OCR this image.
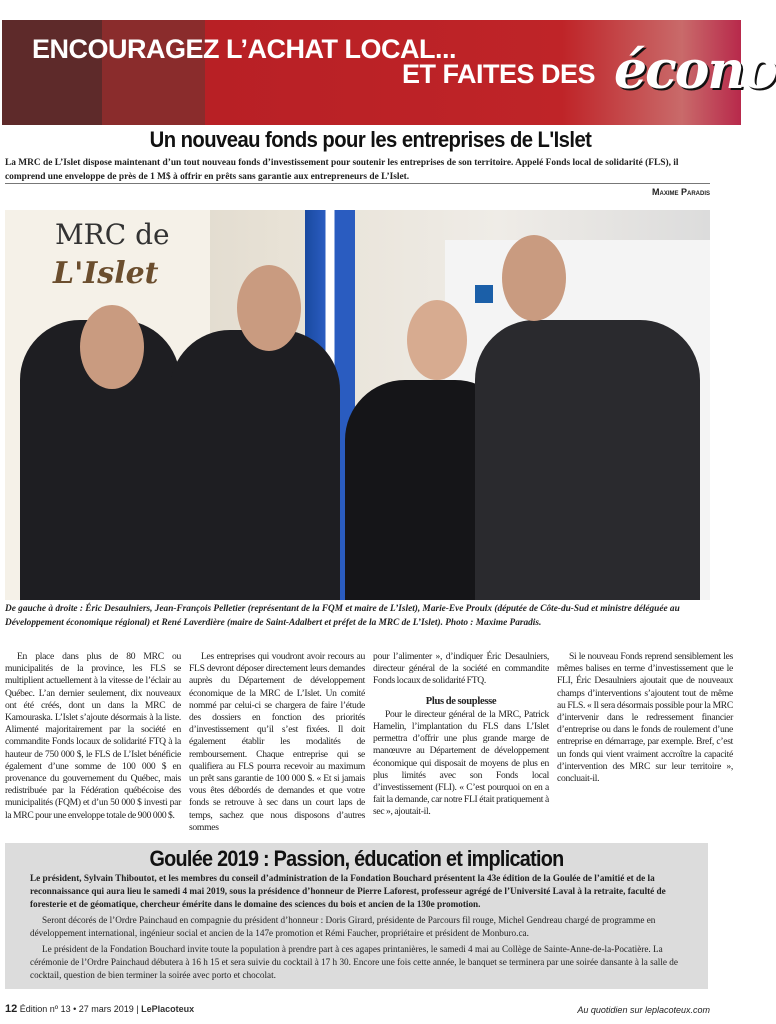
ENCOURAGEZ L’ACHAT LOCAL...
ET FAITES DES écono
Un nouveau fonds pour les entreprises de L'Islet
La MRC de L’Islet dispose maintenant d’un tout nouveau fonds d’investissement pour soutenir les entreprises de son territoire. Appelé Fonds local de solidarité (FLS), il comprend une enveloppe de près de 1 M$ à offrir en prêts sans garantie aux entrepreneurs de L’Islet.
Maxime Paradis
MRC de
L'Islet
De gauche à droite : Éric Desaulniers, Jean-François Pelletier (représentant de la FQM et maire de L’Islet), Marie-Eve Proulx (députée de Côte-du-Sud et ministre déléguée au Développement économique régional) et René Laverdière (maire de Saint-Adalbert et préfet de la MRC de L’Islet). Photo : Maxime Paradis.

En place dans plus de 80 MRC ou municipalités de la province, les FLS se multiplient actuellement à la vitesse de l’éclair au Québec. L’an dernier seulement, dix nouveaux ont été créés, dont un dans la MRC de Kamouraska. L’Islet s’ajoute désormais à la liste. Alimenté majoritairement par la société en commandite Fonds locaux de solidarité FTQ à la hauteur de 750 000 $, le FLS de L’Islet bénéficie également d’une somme de 100 000 $ en provenance du gouvernement du Québec, mais redistribuée par la Fédération québécoise des municipalités (FQM) et d’un 50 000 $ investi par la MRC pour une enveloppe totale de 900 000 $.

Les entreprises qui voudront avoir recours au FLS devront déposer directement leurs demandes auprès du Département de développement économique de la MRC de L’Islet. Un comité nommé par celui-ci se chargera de faire l’étude des dossiers en fonction des priorités d’investissement qu’il s’est fixées. Il doit également établir les modalités de remboursement. Chaque entreprise qui se qualifiera au FLS pourra recevoir au maximum un prêt sans garantie de 100 000 $. « Et si jamais vous êtes débordés de demandes et que votre fonds se retrouve à sec dans un court laps de temps, sachez que nous disposons d’autres sommes

pour l’alimenter », d’indiquer Éric Desaulniers, directeur général de la société en commandite Fonds locaux de solidarité FTQ.

Plus de souplesse

Pour le directeur général de la MRC, Patrick Hamelin, l’implantation du FLS dans L’Islet permettra d’offrir une plus grande marge de manœuvre au Département de développement économique qui disposait de moyens de plus en plus limités avec son Fonds local d’investissement (FLI). « C’est pourquoi on en a fait la demande, car notre FLI était pratiquement à sec », ajoutait-il.

Si le nouveau Fonds reprend sensiblement les mêmes balises en terme d’investissement que le FLI, Éric Desaulniers ajoutait que de nouveaux champs d’interventions s’ajoutent tout de même au FLS. « Il sera désormais possible pour la MRC d’intervenir dans le redressement financier d’entreprise ou dans le fonds de roulement d’une entreprise en démarrage, par exemple. Bref, c’est un fonds qui vient vraiment accroître la capacité d’intervention des MRC sur leur territoire », concluait-il.

Goulée 2019 : Passion, éducation et implication

Le président, Sylvain Thiboutot, et les membres du conseil d’administration de la Fondation Bouchard présentent la 43e édition de la Goulée de l’amitié et de la reconnaissance qui aura lieu le samedi 4 mai 2019, sous la présidence d’honneur de Pierre Laforest, professeur agrégé de l’Université Laval à la retraite, faculté de foresterie et de géomatique, chercheur émérite dans le domaine des sciences du bois et ancien de la 130e promotion.

Seront décorés de l’Ordre Painchaud en compagnie du président d’honneur : Doris Girard, présidente de Parcours fil rouge, Michel Gendreau chargé de programme en développement international, ingénieur social et ancien de la 147e promotion et Rémi Faucher, propriétaire et président de Monburo.ca.

Le président de la Fondation Bouchard invite toute la population à prendre part à ces agapes printanières, le samedi 4 mai au Collège de Sainte-Anne-de-la-Pocatière. La cérémonie de l’Ordre Painchaud débutera à 16 h 15 et sera suivie du cocktail à 17 h 30. Encore une fois cette année, le banquet se terminera par une soirée dansante à la salle de cocktail, question de bien terminer la soirée avec porto et chocolat.

12 Édition nº 13 • 27 mars 2019 | LePlacoteux	Au quotidien sur leplacoteux.com
